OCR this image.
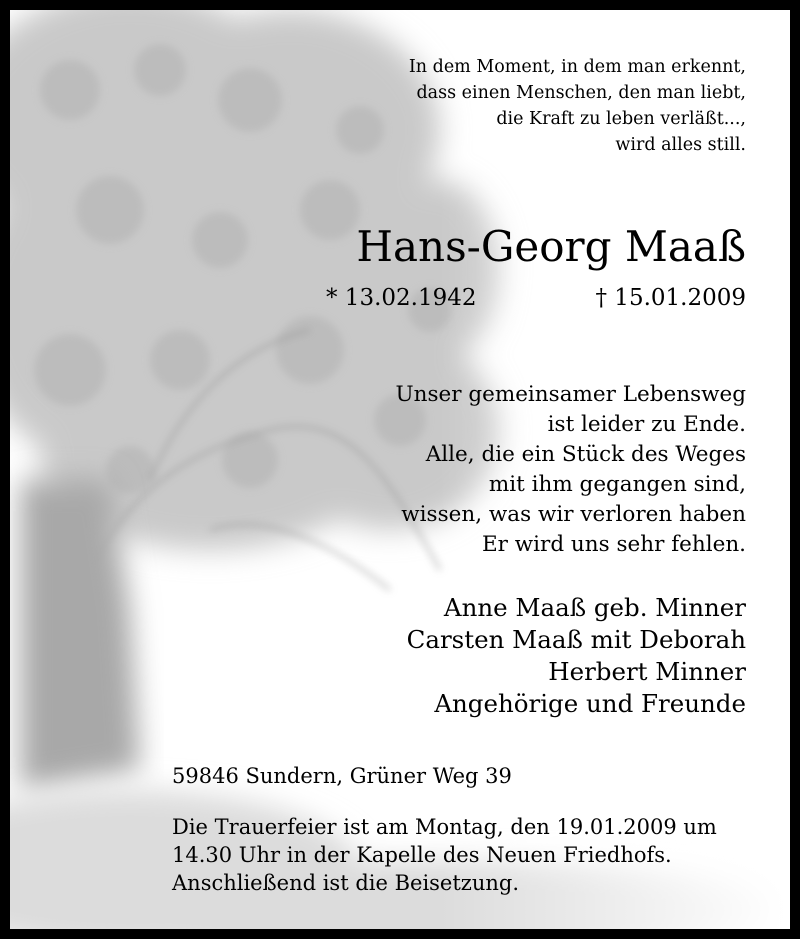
In dem Moment, in dem man erkennt,
dass einen Menschen, den man liebt,
die Kraft zu leben verläßt...,
wird alles still.
Hans-Georg Maaß
* 13.02.1942	† 15.01.2009
Unser gemeinsamer Lebensweg
ist leider zu Ende.
Alle, die ein Stück des Weges
mit ihm gegangen sind,
wissen, was wir verloren haben
Er wird uns sehr fehlen.
Anne Maaß geb. Minner
Carsten Maaß mit Deborah
Herbert Minner
Angehörige und Freunde
59846 Sundern, Grüner Weg 39
Die Trauerfeier ist am Montag, den 19.01.2009 um
14.30 Uhr in der Kapelle des Neuen Friedhofs.
Anschließend ist die Beisetzung.
